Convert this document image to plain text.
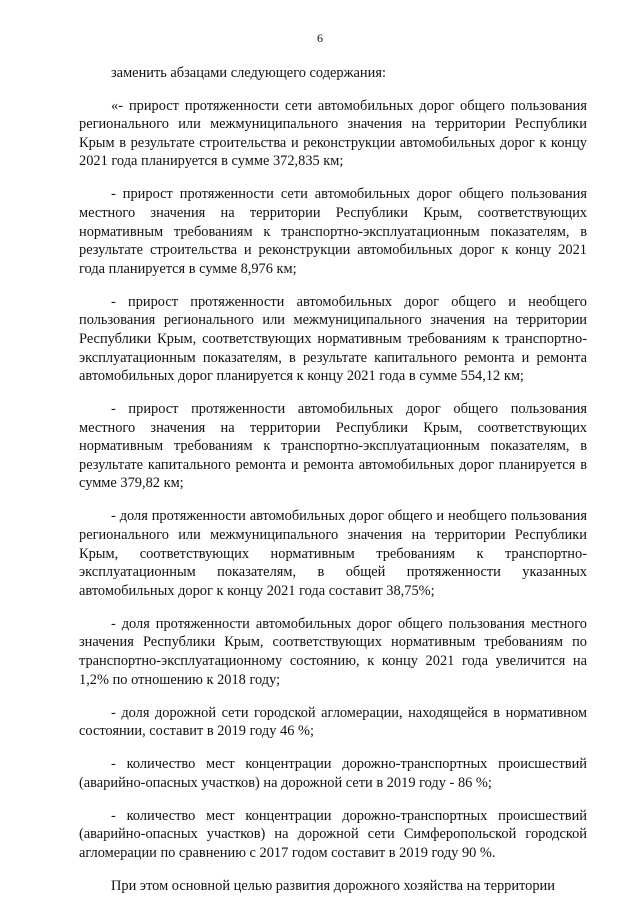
6

заменить абзацами следующего содержания:

«- прирост протяженности сети автомобильных дорог общего пользования регионального или межмуниципального значения на территории Республики Крым в результате строительства и реконструкции автомобильных дорог к концу 2021 года планируется в сумме 372,835 км;

- прирост протяженности сети автомобильных дорог общего пользования местного значения на территории Республики Крым, соответствующих нормативным требованиям к транспортно-эксплуатационным показателям, в результате строительства и реконструкции автомобильных дорог к концу 2021 года планируется в сумме 8,976 км;

- прирост протяженности автомобильных дорог общего и необщего пользования регионального или межмуниципального значения на территории Республики Крым, соответствующих нормативным требованиям к транспортно-эксплуатационным показателям, в результате капитального ремонта и ремонта автомобильных дорог планируется к концу 2021 года в сумме 554,12 км;

- прирост протяженности автомобильных дорог общего пользования местного значения на территории Республики Крым, соответствующих нормативным требованиям к транспортно-эксплуатационным показателям, в результате капитального ремонта и ремонта автомобильных дорог планируется в сумме 379,82 км;

- доля протяженности автомобильных дорог общего и необщего пользования регионального или межмуниципального значения на территории Республики Крым, соответствующих нормативным требованиям к транспортно-эксплуатационным показателям, в общей протяженности указанных автомобильных дорог к концу 2021 года составит 38,75%;

- доля протяженности автомобильных дорог общего пользования местного значения Республики Крым, соответствующих нормативным требованиям по транспортно-эксплуатационному состоянию, к концу 2021 года увеличится на 1,2% по отношению к 2018 году;

- доля дорожной сети городской агломерации, находящейся в нормативном состоянии, составит в 2019 году 46 %;

- количество мест концентрации дорожно-транспортных происшествий (аварийно-опасных участков) на дорожной сети в 2019 году - 86 %;

- количество мест концентрации дорожно-транспортных происшествий (аварийно-опасных участков) на дорожной сети Симферопольской городской агломерации по сравнению с 2017 годом составит в 2019 году 90 %.

При этом основной целью развития дорожного хозяйства на территории
